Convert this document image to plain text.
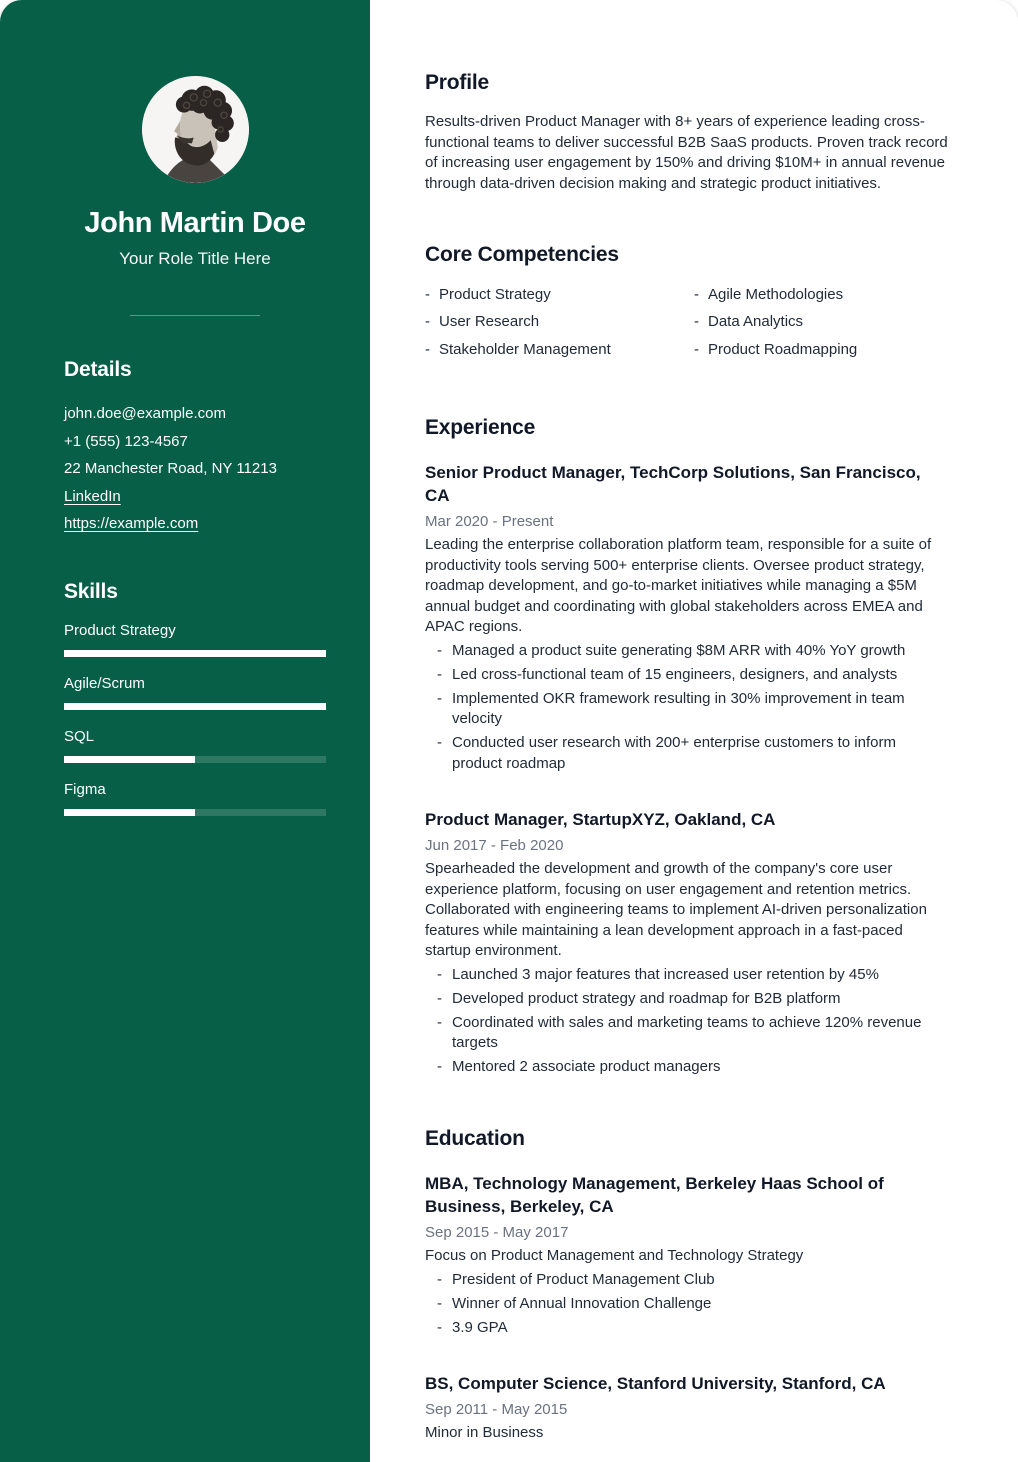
John Martin Doe
Your Role Title Here
Details
john.doe@example.com
+1 (555) 123-4567
22 Manchester Road, NY 11213
LinkedIn
https://example.com
Skills
Product Strategy
Agile/Scrum
SQL
Figma
Profile

Results-driven Product Manager with 8+ years of experience leading cross-functional teams to deliver successful B2B SaaS products. Proven track record of increasing user engagement by 150% and driving $10M+ in annual revenue through data-driven decision making and strategic product initiatives.

Core Competencies
- Product Strategy
- User Research
- Stakeholder Management
- Agile Methodologies
- Data Analytics
- Product Roadmapping
Experience
Senior Product Manager, TechCorp Solutions, San Francisco, CA
Mar 2020 - Present

Leading the enterprise collaboration platform team, responsible for a suite of productivity tools serving 500+ enterprise clients. Oversee product strategy, roadmap development, and go-to-market initiatives while managing a $5M annual budget and coordinating with global stakeholders across EMEA and APAC regions.

- Managed a product suite generating $8M ARR with 40% YoY growth
- Led cross-functional team of 15 engineers, designers, and analysts
- Implemented OKR framework resulting in 30% improvement in team velocity
- Conducted user research with 200+ enterprise customers to inform product roadmap
Product Manager, StartupXYZ, Oakland, CA
Jun 2017 - Feb 2020

Spearheaded the development and growth of the company's core user experience platform, focusing on user engagement and retention metrics. Collaborated with engineering teams to implement AI-driven personalization features while maintaining a lean development approach in a fast-paced startup environment.

- Launched 3 major features that increased user retention by 45%
- Developed product strategy and roadmap for B2B platform
- Coordinated with sales and marketing teams to achieve 120% revenue targets
- Mentored 2 associate product managers
Education
MBA, Technology Management, Berkeley Haas School of Business, Berkeley, CA
Sep 2015 - May 2017

Focus on Product Management and Technology Strategy

- President of Product Management Club
- Winner of Annual Innovation Challenge
- 3.9 GPA
BS, Computer Science, Stanford University, Stanford, CA
Sep 2011 - May 2015

Minor in Business
